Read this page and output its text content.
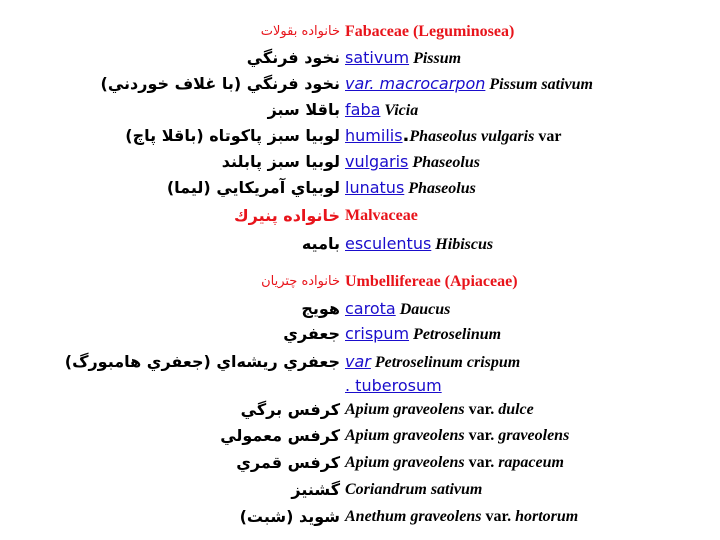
خانواده بقولات Fabaceae (Leguminosea)
نخود فرنگي sativum Pissum
نخود فرنگي (با غلاف خوردني) var. macrocarpon Pissum sativum
باقلا سبز faba Vicia
لوبيا سبز پاكوتاه (باقلا پاچ) humilis.Phaseolus vulgaris var
لوبيا سبز پابلند vulgaris Phaseolus
لوبياي آمريكايي (ليما) lunatus Phaseolus
خانواده پنيرك Malvaceae
باميه esculentus Hibiscus
خانواده چتريان Umbellifereae (Apiaceae)
هويج carota Daucus
جعفري crispum Petroselinum
جعفري ريشه‌اي (جعفري هامبورگ) var Petroselinum crispum
. tuberosum
كرفس برگي Apium graveolens var. dulce
كرفس معمولي Apium graveolens var. graveolens
كرفس قمري Apium graveolens var. rapaceum
گشنيز Coriandrum sativum
شويد (شبت) Anethum graveolens var. hortorum
